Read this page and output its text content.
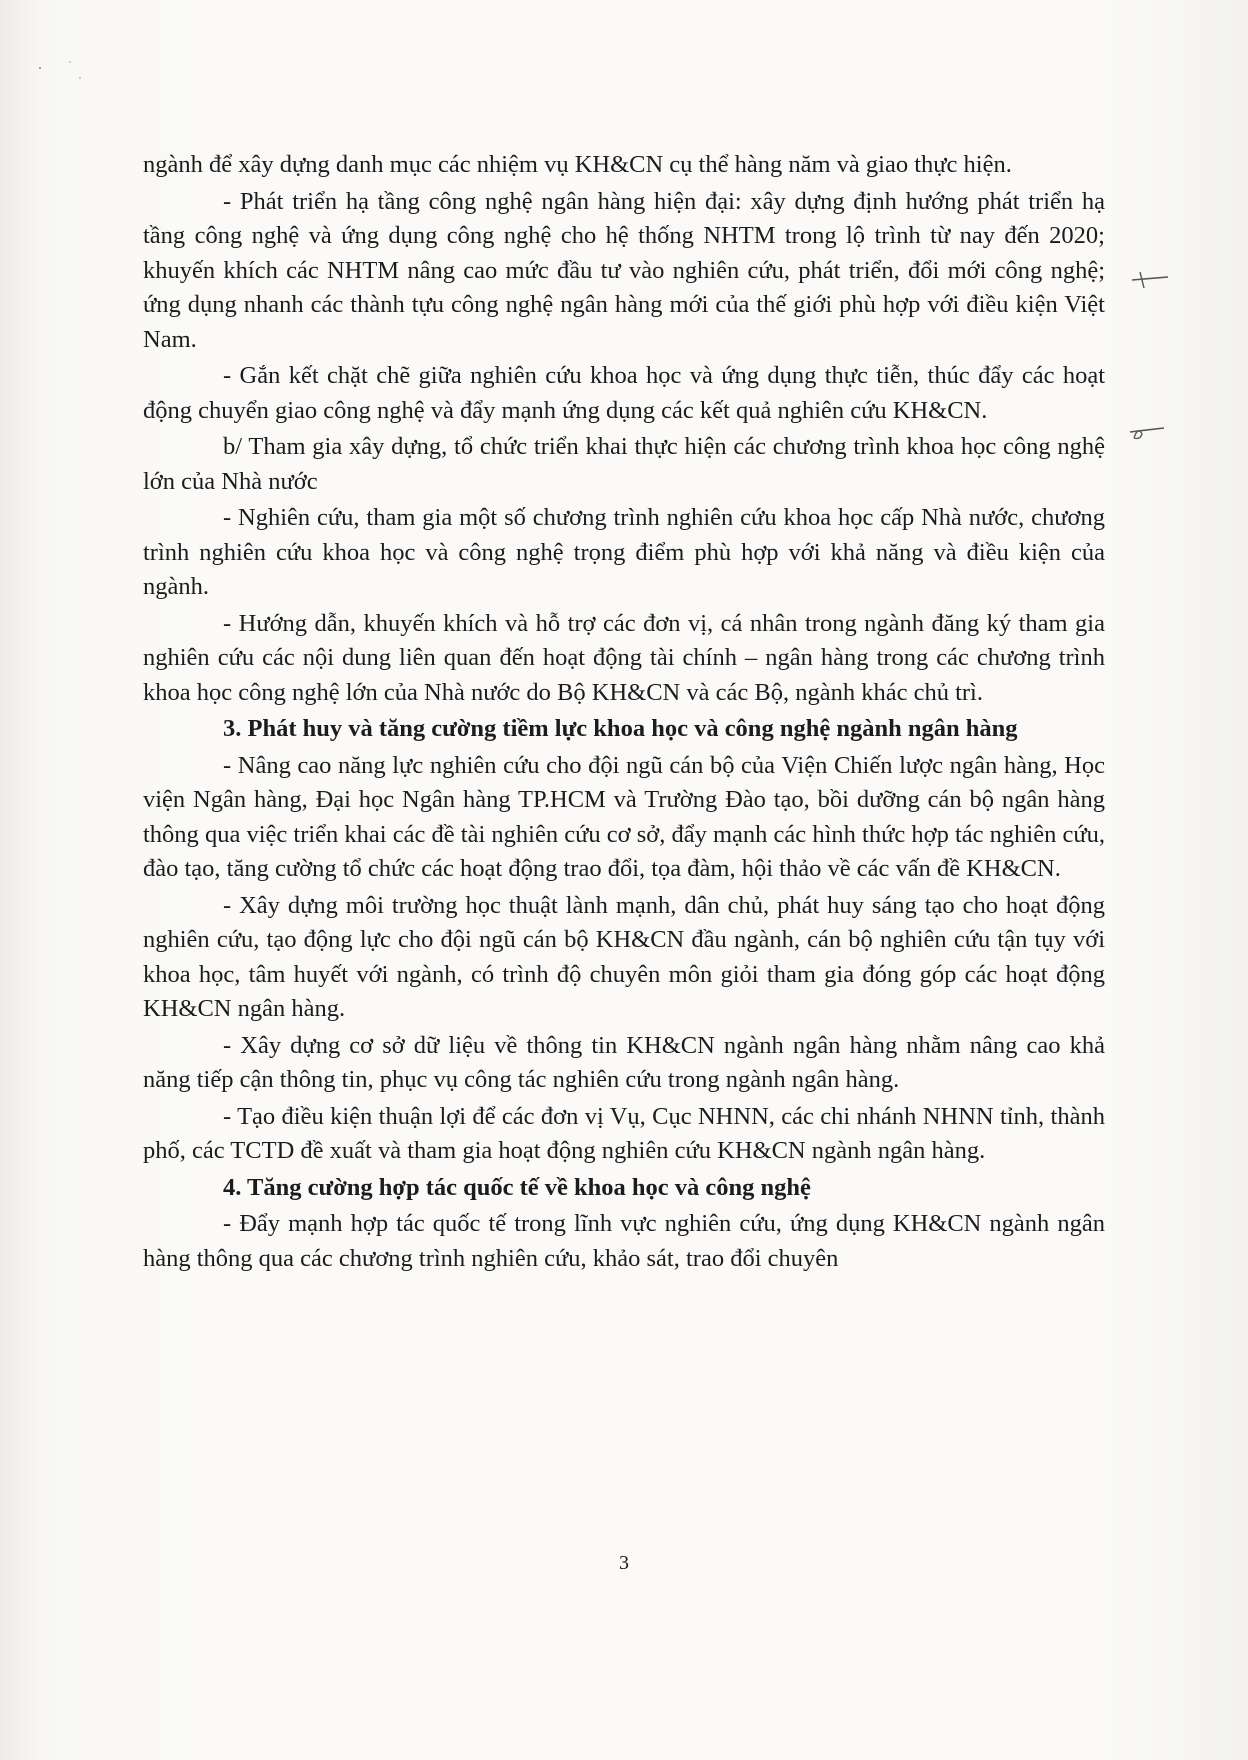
ngành để xây dựng danh mục các nhiệm vụ KH&CN cụ thể hàng năm và giao thực hiện.

- Phát triển hạ tầng công nghệ ngân hàng hiện đại: xây dựng định hướng phát triển hạ tầng công nghệ và ứng dụng công nghệ cho hệ thống NHTM trong lộ trình từ nay đến 2020; khuyến khích các NHTM nâng cao mức đầu tư vào nghiên cứu, phát triển, đổi mới công nghệ; ứng dụng nhanh các thành tựu công nghệ ngân hàng mới của thế giới phù hợp với điều kiện Việt Nam.

- Gắn kết chặt chẽ giữa nghiên cứu khoa học và ứng dụng thực tiễn, thúc đẩy các hoạt động chuyển giao công nghệ và đẩy mạnh ứng dụng các kết quả nghiên cứu KH&CN.

b/ Tham gia xây dựng, tổ chức triển khai thực hiện các chương trình khoa học công nghệ lớn của Nhà nước

- Nghiên cứu, tham gia một số chương trình nghiên cứu khoa học cấp Nhà nước, chương trình nghiên cứu khoa học và công nghệ trọng điểm phù hợp với khả năng và điều kiện của ngành.

- Hướng dẫn, khuyến khích và hỗ trợ các đơn vị, cá nhân trong ngành đăng ký tham gia nghiên cứu các nội dung liên quan đến hoạt động tài chính – ngân hàng trong các chương trình khoa học công nghệ lớn của Nhà nước do Bộ KH&CN và các Bộ, ngành khác chủ trì.

3. Phát huy và tăng cường tiềm lực khoa học và công nghệ ngành ngân hàng

- Nâng cao năng lực nghiên cứu cho đội ngũ cán bộ của Viện Chiến lược ngân hàng, Học viện Ngân hàng, Đại học Ngân hàng TP.HCM và Trường Đào tạo, bồi dưỡng cán bộ ngân hàng thông qua việc triển khai các đề tài nghiên cứu cơ sở, đẩy mạnh các hình thức hợp tác nghiên cứu, đào tạo, tăng cường tổ chức các hoạt động trao đổi, tọa đàm, hội thảo về các vấn đề KH&CN.

- Xây dựng môi trường học thuật lành mạnh, dân chủ, phát huy sáng tạo cho hoạt động nghiên cứu, tạo động lực cho đội ngũ cán bộ KH&CN đầu ngành, cán bộ nghiên cứu tận tụy với khoa học, tâm huyết với ngành, có trình độ chuyên môn giỏi tham gia đóng góp các hoạt động KH&CN ngân hàng.

- Xây dựng cơ sở dữ liệu về thông tin KH&CN ngành ngân hàng nhằm nâng cao khả năng tiếp cận thông tin, phục vụ công tác nghiên cứu trong ngành ngân hàng.

- Tạo điều kiện thuận lợi để các đơn vị Vụ, Cục NHNN, các chi nhánh NHNN tỉnh, thành phố, các TCTD đề xuất và tham gia hoạt động nghiên cứu KH&CN ngành ngân hàng.

4. Tăng cường hợp tác quốc tế về khoa học và công nghệ

- Đẩy mạnh hợp tác quốc tế trong lĩnh vực nghiên cứu, ứng dụng KH&CN ngành ngân hàng thông qua các chương trình nghiên cứu, khảo sát, trao đổi chuyên

3
